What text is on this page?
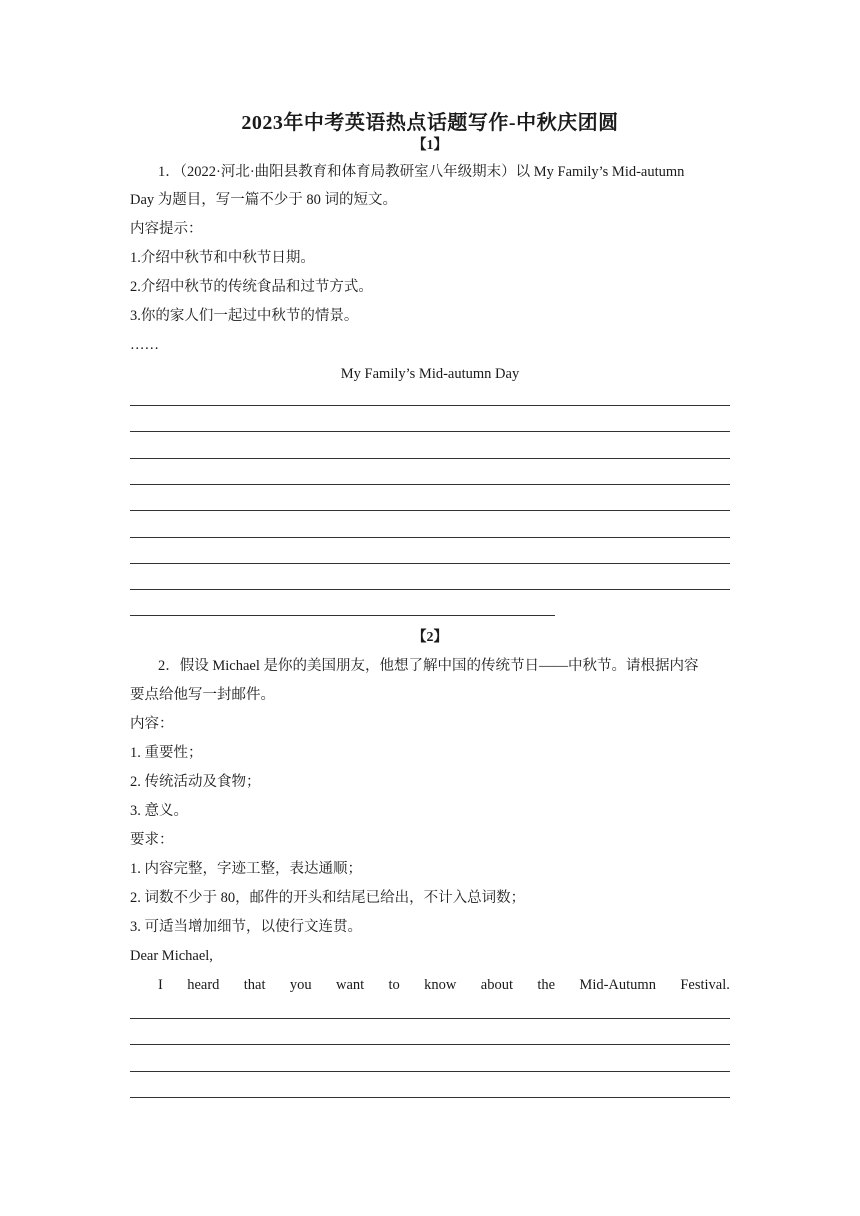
2023年中考英语热点话题写作-中秋庆团圆
【1】
1．（2022·河北·曲阳县教育和体育局教研室八年级期末）以 My Family’s Mid-autumn
Day 为题目，写一篇不少于 80 词的短文。
内容提示：
1.介绍中秋节和中秋节日期。
2.介绍中秋节的传统食品和过节方式。
3.你的家人们一起过中秋节的情景。
……
My Family’s Mid-autumn Day
【2】
2．假设 Michael 是你的美国朋友，他想了解中国的传统节日——中秋节。请根据内容
要点给他写一封邮件。
内容：
1. 重要性；
2. 传统活动及食物；
3. 意义。
要求：
1. 内容完整，字迹工整，表达通顺；
2. 词数不少于 80，邮件的开头和结尾已给出，不计入总词数；
3. 可适当增加细节，以使行文连贯。
Dear Michael,
I heard that you want to know about the Mid-Autumn Festival.
